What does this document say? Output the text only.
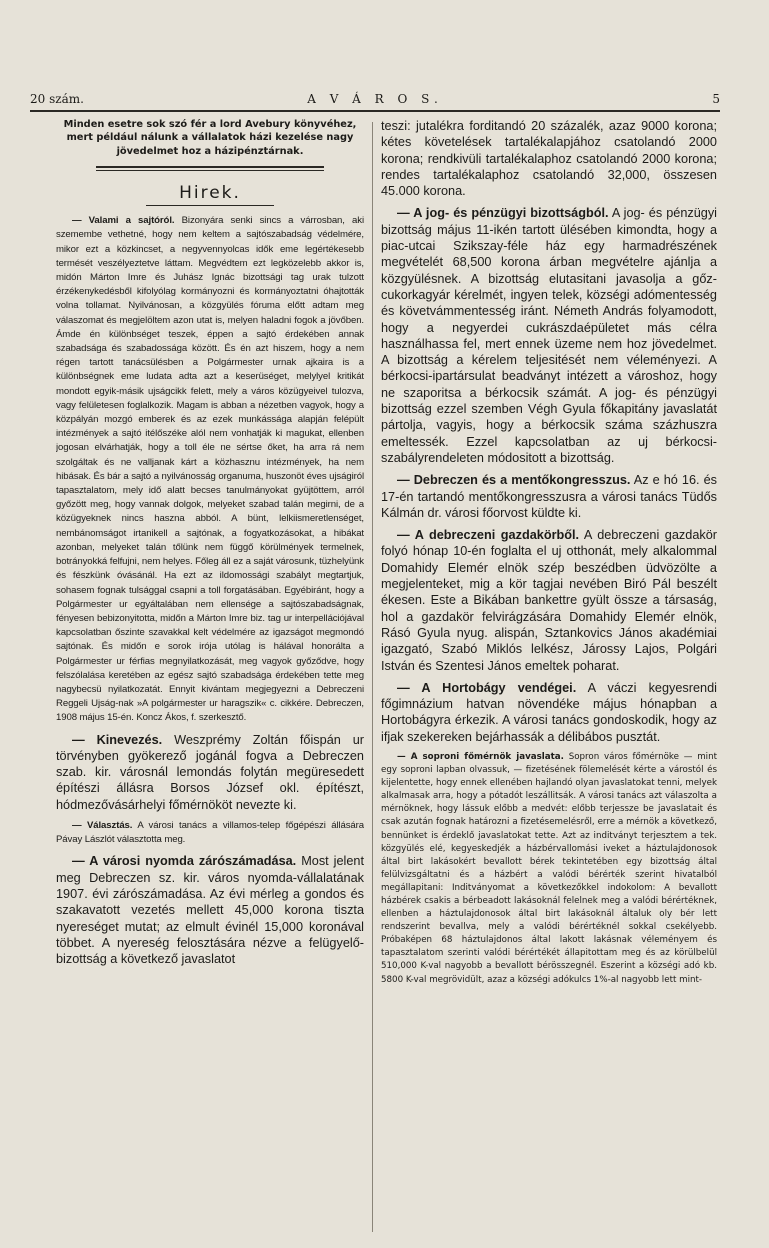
20 szám.	A V Á R O S.	5

Minden esetre sok szó fér a lord Avebury könyvéhez, mert például nálunk a vállalatok házi kezelése nagy jövedelmet hoz a házipénztárnak.

Hirek.

— Valami a sajtóról. Bizonyára senki sincs a várrosban, aki szemembe vethetné, hogy nem keltem a sajtószabadság védelmére, mikor ezt a közkincset, a negyvennyolcas idők eme legértékesebb termését veszélyeztetve láttam. Megvédtem ezt legközelebb akkor is, midón Márton Imre és Juhász Ignác bizottsági tag urak tulzott érzékenykedésből kifolyólag kormányozni és kormányoztatni óhajtották volna tollamat. Nyilvánosan, a közgyülés fóruma előtt adtam meg válaszomat és megjelöltem azon utat is, melyen haladni fogok a jövőben. Ámde én különbséget teszek, éppen a sajtó érdekében annak szabadsága és szabadossága között. És én azt hiszem, hogy a nem régen tartott tanácsülésben a Polgármester urnak ajkaira is a különbségnek eme ludata adta azt a keserüséget, melylyel kritikát mondott egyik-másik ujságcikk felett, mely a város közügyeivel tulozva, vagy felületesen foglalkozik. Magam is abban a nézetben vagyok, hogy a közpályán mozgó emberek és az ezek munkássága alapján felépült intézmények a sajtó itélőszéke alól nem vonhatják ki magukat, ellenben jogosan elvárhatják, hogy a toll éle ne sértse őket, ha arra rá nem szolgáltak és ne valljanak kárt a közhasznu intézmények, ha nem hibásak. És bár a sajtó a nyilvánosság organuma, huszonöt éves ujságiról tapasztalatom, mely idő alatt becses tanulmányokat gyüjtöttem, arról győzött meg, hogy vannak dolgok, melyeket szabad talán megirni, de a közügyeknek nincs haszna abból. A bünt, lelkiismeretlenséget, nembánomságot irtanikell a sajtónak, a fogyatkozásokat, a hibákat azonban, melyeket talán tőlünk nem függő körülmények termelnek, botrányokká felfujni, nem helyes. Főleg áll ez a saját városunk, tüzhelyünk és fészkünk óvásánál. Ha ezt az ildomossági szabályt megtartjuk, sohasem fognak tulsággal csapni a toll forgatásában. Egyébiránt, hogy a Polgármester ur egyáltalában nem ellensége a sajtószabadságnak, fényesen bebizonyitotta, midőn a Márton Imre biz. tag ur interpellációjával kapcsolatban őszinte szavakkal kelt védelmére az igazságot megmondó sajtónak. És midőn e sorok irója utólag is hálával honorálta a Polgármester ur férfias megnyilatkozását, meg vagyok győződve, hogy felszólalása keretében az egész sajtó szabadsága érdekében tette meg nagybecsü nyilatkozatát. Ennyit kivántam megjegyezni a Debreczeni Reggeli Ujság-nak »A polgármester ur haragszik« c. cikkére. Debreczen, 1908 május 15-én. Koncz Ákos, f. szerkesztő.

— Kinevezés. Weszprémy Zoltán főispán ur törvényben gyökerező jogánál fogva a Debreczen szab. kir. városnál lemondás folytán megüresedett építészi állásra Borsos József okl. építészt, hódmezővásárhelyi főmérnököt nevezte ki.

— Választás. A városi tanács a villamos-telep főgépészi állására Pávay Lászlót választotta meg.

— A városi nyomda zárószámadása. Most jelent meg Debreczen sz. kir. város nyomda-vállalatának 1907. évi zárószámadása. Az évi mérleg a gondos és szakavatott vezetés mellett 45,000 korona tiszta nyereséget mutat; az elmult évinél 15,000 koronával többet. A nyereség felosztására nézve a felügyelő-bizottság a következő javaslatot

teszi: jutalékra forditandó 20 százalék, azaz 9000 korona; kétes követelések tartalékalapjához csatolandó 2000 korona; rendkivüli tartalékalaphoz csatolandó 2000 korona; rendes tartalékalaphoz csatolandó 32,000, összesen 45.000 korona.

— A jog- és pénzügyi bizottságból. A jog- és pénzügyi bizottság május 11-ikén tartott ülésében kimondta, hogy a piac-utcai Szikszay-féle ház egy harmadrészének megvételét 68,500 korona árban megvételre ajánlja a közgyülésnek. A bizottság elutasitani javasolja a gőz-cukorkagyár kérelmét, ingyen telek, községi adómentesség és követvámmentesség iránt. Németh András folyamodott, hogy a negyerdei cukrászdaépületet más célra használhassa fel, mert ennek üzeme nem hoz jövedelmet. A bizottság a kérelem teljesitését nem véleményezi. A bérkocsi-ipartársulat beadványt intézett a városhoz, hogy ne szaporitsa a bérkocsik számát. A jog- és pénzügyi bizottság ezzel szemben Végh Gyula főkapitány javaslatát pártolja, vagyis, hogy a bérkocsik száma százhuszra emeltessék. Ezzel kapcsolatban az uj bérkocsi-szabályrendeleten módositott a bizottság.

— Debreczen és a mentőkongresszus. Az e hó 16. és 17-én tartandó mentőkongresszusra a városi tanács Tüdős Kálmán dr. városi főorvost küldte ki.

— A debreczeni gazdakörből. A debreczeni gazdakör folyó hónap 10-én foglalta el uj otthonát, mely alkalommal Domahidy Elemér elnök szép beszédben üdvözölte a megjelenteket, mig a kör tagjai nevében Biró Pál beszélt ékesen. Este a Bikában bankettre gyült össze a társaság, hol a gazdakör felvirágzására Domahidy Elemér elnök, Rásó Gyula nyug. alispán, Sztankovics János akadémiai igazgató, Szabó Miklós lelkész, Járossy Lajos, Polgári István és Szentesi János emeltek poharat.

— A Hortobágy vendégei. A váczi kegyesrendi főgimnázium hatvan növendéke május hónapban a Hortobágyra érkezik. A városi tanács gondoskodik, hogy az ifjak szekereken bejárhassák a délibábos pusztát.

— A soproni főmérnök javaslata. Sopron város főmérnöke — mint egy soproni lapban olvassuk, — fizetésének fölemelését kérte a várostól és kijelentette, hogy ennek ellenében hajlandó olyan javaslatokat tenni, melyek alkalmasak arra, hogy a pótadót leszállitsák. A városi tanács azt válaszolta a mérnöknek, hogy lássuk előbb a medvét: előbb terjessze be javaslatait és csak azután fognak határozni a fizetésemelésről, erre a mérnök a következő, bennünket is érdeklő javaslatokat tette. Azt az inditványt terjesztem a tek. közgyülés elé, kegyeskedjék a házbérvallomási iveket a háztulajdonosok által birt lakásokért bevallott bérek tekintetében egy bizottság által felülvizsgáltatni és a házbért a valódi bérérték szerint hivatalból megállapitani: Inditványomat a következőkkel indokolom: A bevallott házbérek csakis a bérbeadott lakásoknál felelnek meg a valódi bérértéknek, ellenben a háztulajdonosok által birt lakásoknál általuk oly bér lett rendszerint bevallva, mely a valódi bérértéknél sokkal csekélyebb. Próbaképen 68 háztulajdonos által lakott lakásnak véleményem és tapasztalatom szerinti valódi bérértékét állapitottam meg és az körülbelül 510,000 K-val nagyobb a bevallott bérösszegnél. Eszerint a községi adó kb. 5800 K-val megrövidült, azaz a községi adókulcs 1%-al nagyobb lett mint-
